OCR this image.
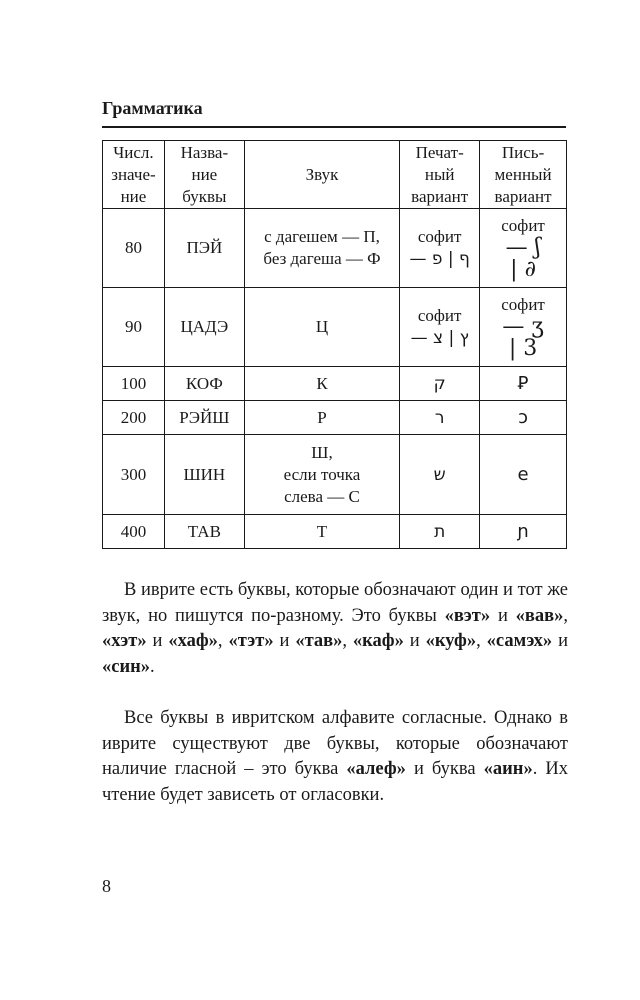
Грамматика
Числ.
значе-
ние	Назва-
ние
буквы	Звук	Печат-
ный
вариант	Пись-
менный
вариант

80	ПЭЙ	с дагешем — П,
без дагеша — Ф	софит
— ף | פ	софит
— ʃ
| ∂

90	ЦАДЭ	Ц	софит
— ץ | צ	софит
— ʒ
| 3

100	КОФ	К	ק	Ꝑ
200	РЭЙШ	Р	ר	ɔ
300	ШИН	Ш,
если точка
слева — С	ש	e
400	ТАВ	Т	ת	ɲ

В иврите есть буквы, которые обозначают один и тот же звук, но пишутся по-разному. Это буквы «вэт» и «вав», «хэт» и «хаф», «тэт» и «тав», «каф» и «куф», «самэх» и «син».

Все буквы в ивритском алфавите согласные. Однако в иврите существуют две буквы, которые обозначают наличие гласной – это буква «алеф» и буква «аин». Их чтение будет зависеть от огласовки.

8
